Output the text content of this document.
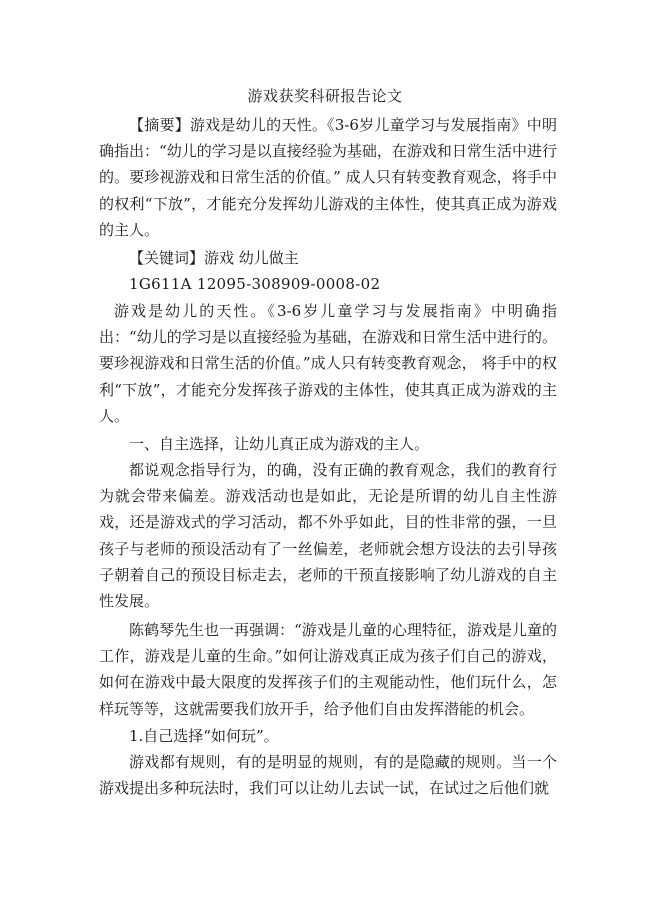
游戏获奖科研报告论文

【摘要】游戏是幼儿的天性。《3-6岁儿童学习与发展指南》中明确指出：“幼儿的学习是以直接经验为基础，在游戏和日常生活中进行的。要珍视游戏和日常生活的价值。” 成人只有转变教育观念，将手中的权利“下放”，才能充分发挥幼儿游戏的主体性，使其真正成为游戏的主人。

【关键词】游戏 幼儿做主

1G611A 12095-308909-0008-02

游戏是幼儿的天性。《3-6岁儿童学习与发展指南》中明确指出：“幼儿的学习是以直接经验为基础，在游戏和日常生活中进行的。要珍视游戏和日常生活的价值。”成人只有转变教育观念， 将手中的权利“下放”，才能充分发挥孩子游戏的主体性，使其真正成为游戏的主人。

一、自主选择，让幼儿真正成为游戏的主人。

都说观念指导行为，的确，没有正确的教育观念，我们的教育行为就会带来偏差。游戏活动也是如此，无论是所谓的幼儿自主性游戏，还是游戏式的学习活动，都不外乎如此，目的性非常的强，一旦孩子与老师的预设活动有了一丝偏差，老师就会想方设法的去引导孩子朝着自己的预设目标走去，老师的干预直接影响了幼儿游戏的自主性发展。

陈鹤琴先生也一再强调：“游戏是儿童的心理特征，游戏是儿童的工作，游戏是儿童的生命。”如何让游戏真正成为孩子们自己的游戏，如何在游戏中最大限度的发挥孩子们的主观能动性，他们玩什么，怎样玩等等，这就需要我们放开手，给予他们自由发挥潜能的机会。

1.自己选择“如何玩”。

游戏都有规则，有的是明显的规则，有的是隐藏的规则。当一个游戏提出多种玩法时，我们可以让幼儿去试一试，在试过之后他们就
